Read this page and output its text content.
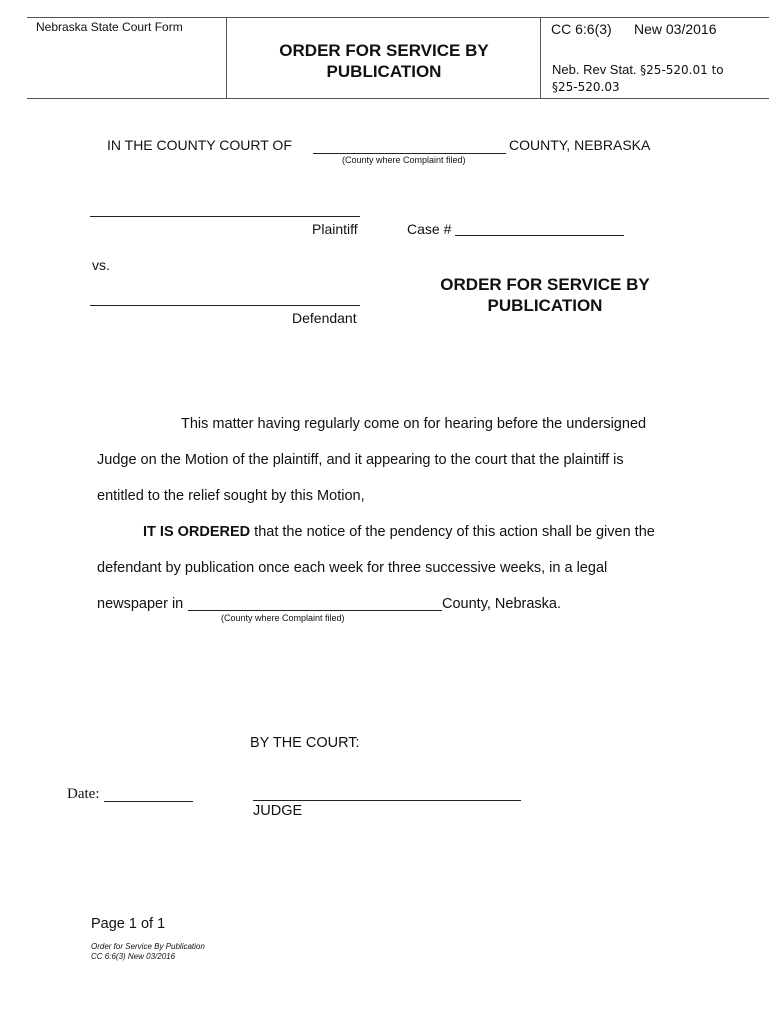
Nebraska State Court Form
ORDER FOR SERVICE BY
PUBLICATION
CC 6:6(3) New 03/2016
Neb. Rev Stat. §25-520.01 to
§25-520.03
IN THE COUNTY COURT OF	COUNTY, NEBRASKA
(County where Complaint filed)
Plaintiff	Case #
vs.
Defendant
ORDER FOR SERVICE BY
PUBLICATION
This matter having regularly come on for hearing before the undersigned
Judge on the Motion of the plaintiff, and it appearing to the court that the plaintiff is
entitled to the relief sought by this Motion,
IT IS ORDERED that the notice of the pendency of this action shall be given the
defendant by publication once each week for three successive weeks, in a legal
newspaper in	County, Nebraska.
(County where Complaint filed)
BY THE COURT:
Date:
JUDGE
Page 1 of 1
Order for Service By Publication
CC 6:6(3) New 03/2016
